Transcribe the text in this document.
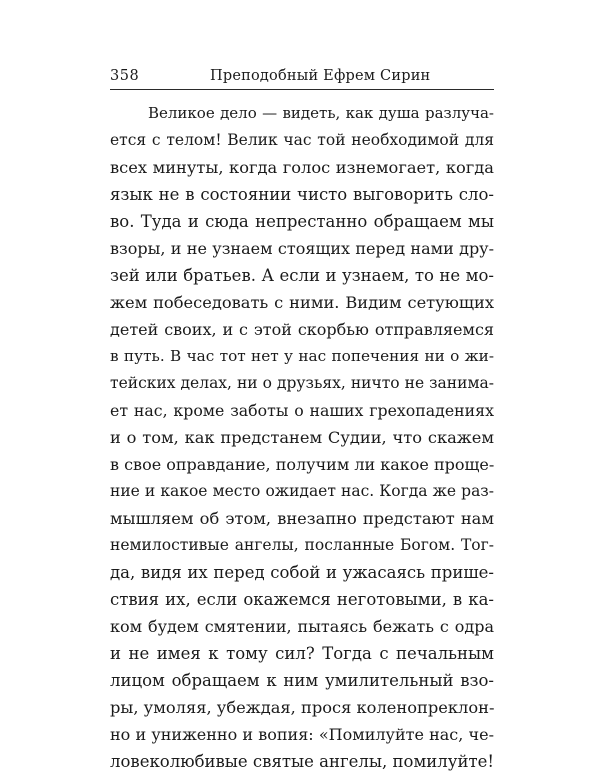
358	Преподобный Ефрем Сирин
Великое дело — видеть, как душа разлуча-
ется с телом! Велик час той необходимой для
всех минуты, когда голос изнемогает, когда
язык не в состоянии чисто выговорить сло-
во. Туда и сюда непрестанно обращаем мы
взоры, и не узнаем стоящих перед нами дру-
зей или братьев. А если и узнаем, то не мо-
жем побеседовать с ними. Видим сетующих
детей своих, и с этой скорбью отправляемся
в путь. В час тот нет у нас попечения ни о жи-
тейских делах, ни о друзьях, ничто не занима-
ет нас, кроме заботы о наших грехопадениях
и о том, как предстанем Судии, что скажем
в свое оправдание, получим ли какое проще-
ние и какое место ожидает нас. Когда же раз-
мышляем об этом, внезапно предстают нам
немилостивые ангелы, посланные Богом. Тог-
да, видя их перед собой и ужасаясь прише-
ствия их, если окажемся неготовыми, в ка-
ком будем смятении, пытаясь бежать с одра
и не имея к тому сил? Тогда с печальным
лицом обращаем к ним умилительный взо-
ры, умоляя, убеждая, прося коленопреклон-
но и униженно и вопия: «Помилуйте нас, че-
ловеколюбивые святые ангелы, помилуйте!
